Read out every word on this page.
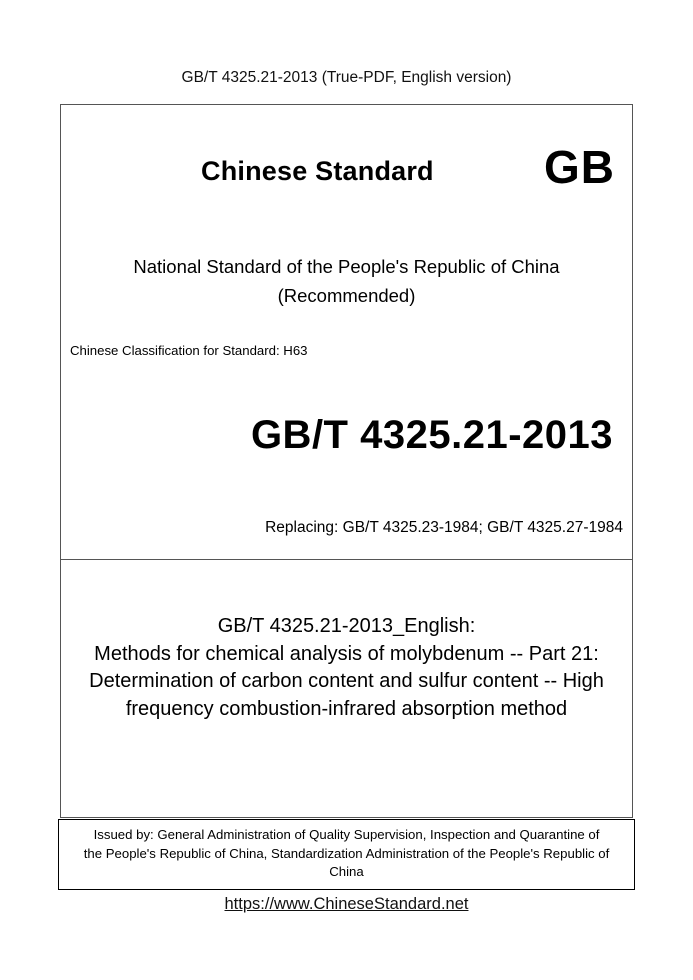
GB/T 4325.21-2013 (True-PDF, English version)
Chinese Standard GB
National Standard of the People's Republic of China
(Recommended)
Chinese Classification for Standard: H63
GB/T 4325.21-2013
Replacing: GB/T 4325.23-1984; GB/T 4325.27-1984
GB/T 4325.21-2013_English:
Methods for chemical analysis of molybdenum -- Part 21:
Determination of carbon content and sulfur content -- High
frequency combustion-infrared absorption method
Issued by: General Administration of Quality Supervision, Inspection and Quarantine of
the People's Republic of China, Standardization Administration of the People's Republic of
China
https://www.ChineseStandard.net
